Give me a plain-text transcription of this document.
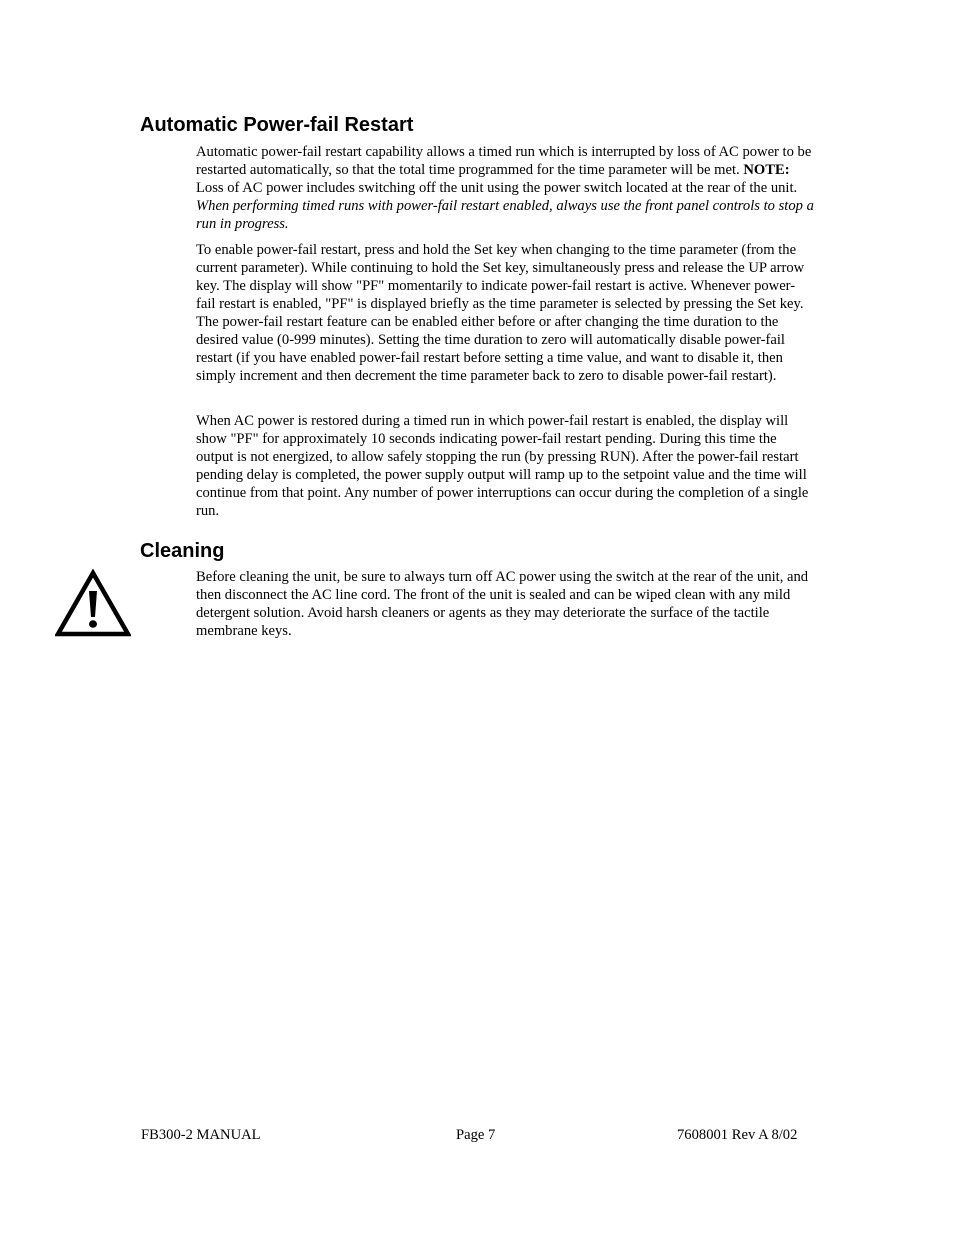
Automatic Power-fail Restart

Automatic power-fail restart capability allows a timed run which is interrupted by loss of AC power to be restarted automatically, so that the total time programmed for the time parameter will be met. NOTE: Loss of AC power includes switching off the unit using the power switch located at the rear of the unit. When performing timed runs with power-fail restart enabled, always use the front panel controls to stop a run in progress.

To enable power-fail restart, press and hold the Set key when changing to the time parameter (from the current parameter). While continuing to hold the Set key, simultaneously press and release the UP arrow key. The display will show "PF" momentarily to indicate power-fail restart is active. Whenever power-fail restart is enabled, "PF" is displayed briefly as the time parameter is selected by pressing the Set key. The power-fail restart feature can be enabled either before or after changing the time duration to the desired value (0-999 minutes). Setting the time duration to zero will automatically disable power-fail restart (if you have enabled power-fail restart before setting a time value, and want to disable it, then simply increment and then decrement the time parameter back to zero to disable power-fail restart).

When AC power is restored during a timed run in which power-fail restart is enabled, the display will show "PF" for approximately 10 seconds indicating power-fail restart pending. During this time the output is not energized, to allow safely stopping the run (by pressing RUN). After the power-fail restart pending delay is completed, the power supply output will ramp up to the setpoint value and the time will continue from that point. Any number of power interruptions can occur during the completion of a single run.

Cleaning

Before cleaning the unit, be sure to always turn off AC power using the switch at the rear of the unit, and then disconnect the AC line cord. The front of the unit is sealed and can be wiped clean with any mild detergent solution. Avoid harsh cleaners or agents as they may deteriorate the surface of the tactile membrane keys.

FB300-2 MANUAL	Page 7	7608001 Rev A 8/02
